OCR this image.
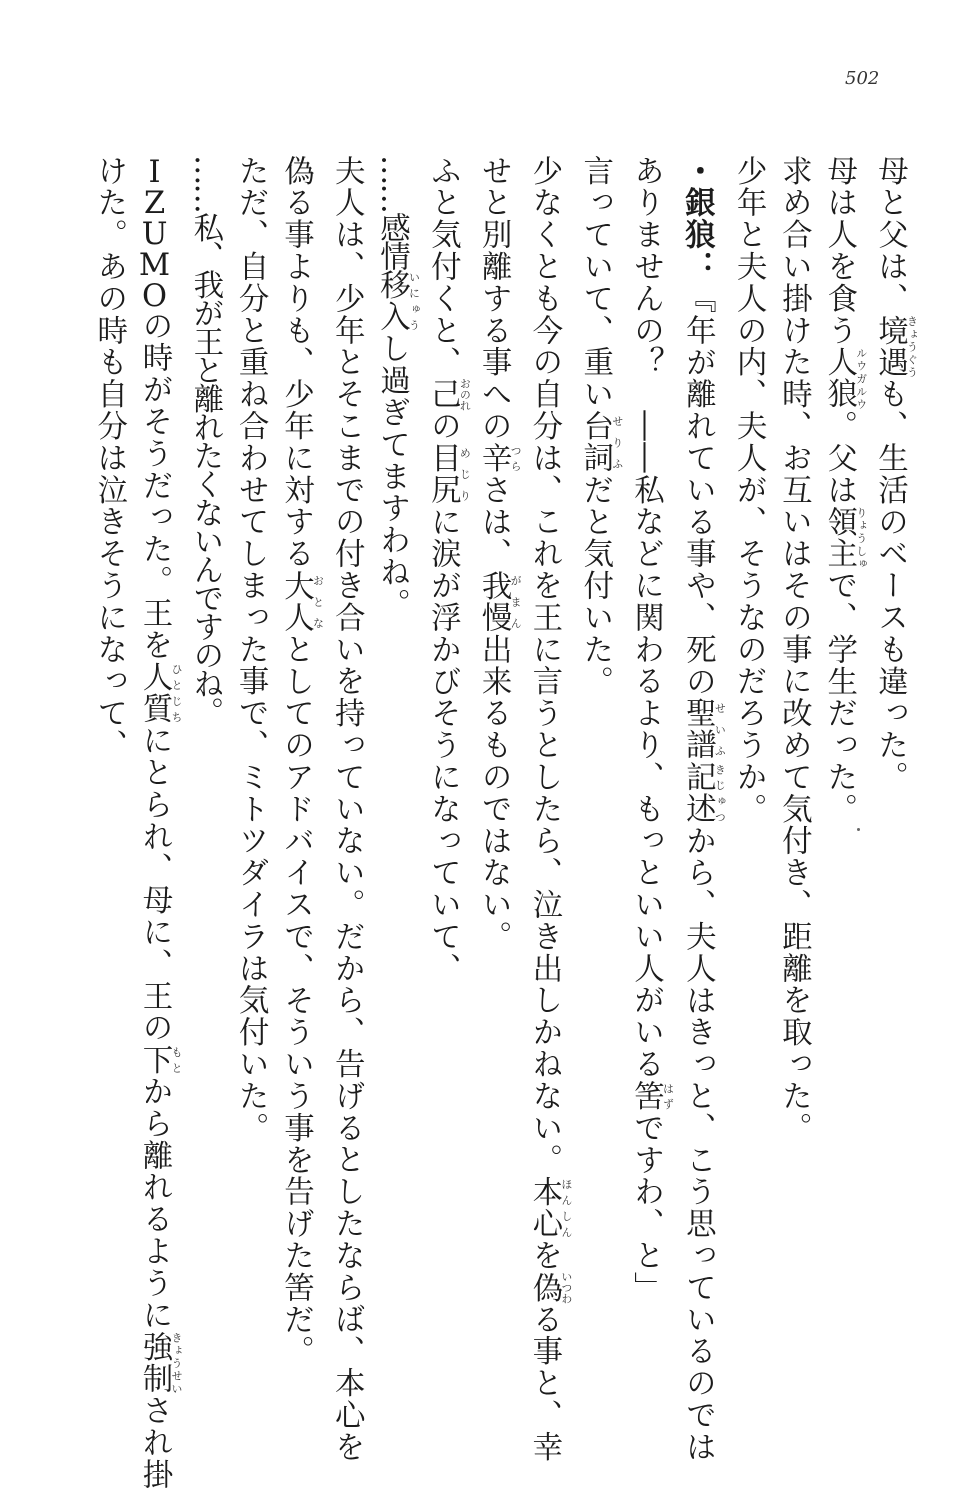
502

母と父は、境遇きょうぐうも、生活のベースも違った。

母は人を食う人狼ルウガルウ。父は領主りょうしゅで、学生だった。

求め合い掛けた時、お互いはその事に改めて気付き、距離を取った。

少年と夫人の内、夫人が、そうなのだろうか。

・銀狼：『年が離れている事や、死の聖譜せいふ記述きじゅつから、夫人はきっと、こう思っているのでは

ありませんの？　――私などに関わるより、もっといい人がいる筈はずですわ、と」

言っていて、重い台詞せりふだと気付いた。

少なくとも今の自分は、これを王に言うとしたら、泣き出しかねない。本心ほんしんを偽いつわる事と、幸

せと別離する事への辛つらさは、我慢がまん出来るものではない。

ふと気付くと、己おのれの目尻めじりに涙が浮かびそうになっていて、

……感情移入いにゅうし過ぎてますわね。

夫人は、少年とそこまでの付き合いを持っていない。だから、告げるとしたならば、本心を

偽る事よりも、少年に対する大人おとなとしてのアドバイスで、そういう事を告げた筈だ。

ただ、自分と重ね合わせてしまった事で、ミトツダイラは気付いた。

……私、我が王と離れたくないんですのね。

IZUMOの時がそうだった。王を人質ひとじちにとられ、母に、王の下もとから離れるように強制きょうせいされ掛

けた。あの時も自分は泣きそうになって、
